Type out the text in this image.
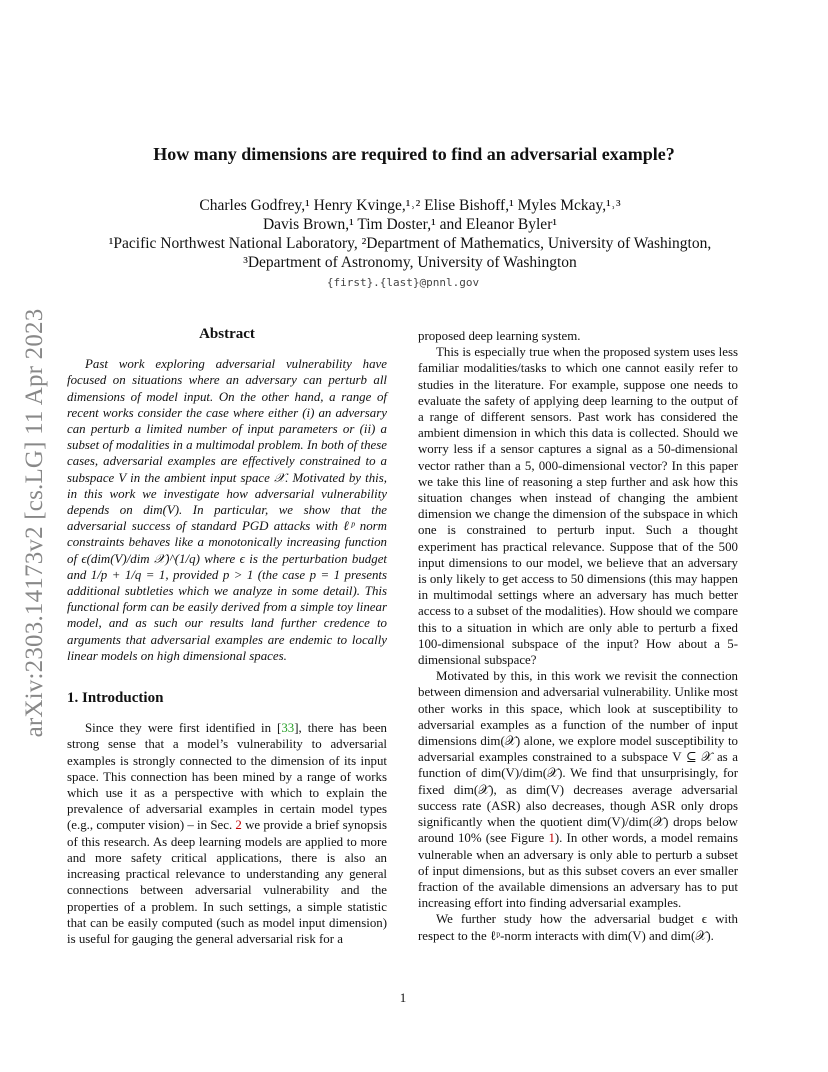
arXiv:2303.14173v2 [cs.LG] 11 Apr 2023
How many dimensions are required to find an adversarial example?
Charles Godfrey,¹ Henry Kvinge,¹˒² Elise Bishoff,¹ Myles Mckay,¹˒³
Davis Brown,¹ Tim Doster,¹ and Eleanor Byler¹
¹Pacific Northwest National Laboratory, ²Department of Mathematics, University of Washington,
³Department of Astronomy, University of Washington
{first}.{last}@pnnl.gov
Abstract

Past work exploring adversarial vulnerability have focused on situations where an adversary can perturb all dimensions of model input. On the other hand, a range of recent works consider the case where either (i) an adversary can perturb a limited number of input parameters or (ii) a subset of modalities in a multimodal problem. In both of these cases, adversarial examples are effectively constrained to a subspace V in the ambient input space 𝒳. Motivated by this, in this work we investigate how adversarial vulnerability depends on dim(V). In particular, we show that the adversarial success of standard PGD attacks with ℓᵖ norm constraints behaves like a monotonically increasing function of ϵ(dim(V)/dim 𝒳)^(1/q) where ϵ is the perturbation budget and 1/p + 1/q = 1, provided p > 1 (the case p = 1 presents additional subtleties which we analyze in some detail). This functional form can be easily derived from a simple toy linear model, and as such our results land further credence to arguments that adversarial examples are endemic to locally linear models on high dimensional spaces.

1. Introduction

Since they were first identified in [33], there has been strong sense that a model’s vulnerability to adversarial examples is strongly connected to the dimension of its input space. This connection has been mined by a range of works which use it as a perspective with which to explain the prevalence of adversarial examples in certain model types (e.g., computer vision) – in Sec. 2 we provide a brief synopsis of this research. As deep learning models are applied to more and more safety critical applications, there is also an increasing practical relevance to understanding any general connections between adversarial vulnerability and the properties of a problem. In such settings, a simple statistic that can be easily computed (such as model input dimension) is useful for gauging the general adversarial risk for a

proposed deep learning system.

This is especially true when the proposed system uses less familiar modalities/tasks to which one cannot easily refer to studies in the literature. For example, suppose one needs to evaluate the safety of applying deep learning to the output of a range of different sensors. Past work has considered the ambient dimension in which this data is collected. Should we worry less if a sensor captures a signal as a 50-dimensional vector rather than a 5, 000-dimensional vector? In this paper we take this line of reasoning a step further and ask how this situation changes when instead of changing the ambient dimension we change the dimension of the subspace in which one is constrained to perturb input. Such a thought experiment has practical relevance. Suppose that of the 500 input dimensions to our model, we believe that an adversary is only likely to get access to 50 dimensions (this may happen in multimodal settings where an adversary has much better access to a subset of the modalities). How should we compare this to a situation in which are only able to perturb a fixed 100-dimensional subspace of the input? How about a 5-dimensional subspace?

Motivated by this, in this work we revisit the connection between dimension and adversarial vulnerability. Unlike most other works in this space, which look at susceptibility to adversarial examples as a function of the number of input dimensions dim(𝒳) alone, we explore model susceptibility to adversarial examples constrained to a subspace V ⊆ 𝒳 as a function of dim(V)/dim(𝒳). We find that unsurprisingly, for fixed dim(𝒳), as dim(V) decreases average adversarial success rate (ASR) also decreases, though ASR only drops significantly when the quotient dim(V)/dim(𝒳) drops below around 10% (see Figure 1). In other words, a model remains vulnerable when an adversary is only able to perturb a subset of input dimensions, but as this subset covers an ever smaller fraction of the available dimensions an adversary has to put increasing effort into finding adversarial examples.

We further study how the adversarial budget ϵ with respect to the ℓᵖ-norm interacts with dim(V) and dim(𝒳).

1
